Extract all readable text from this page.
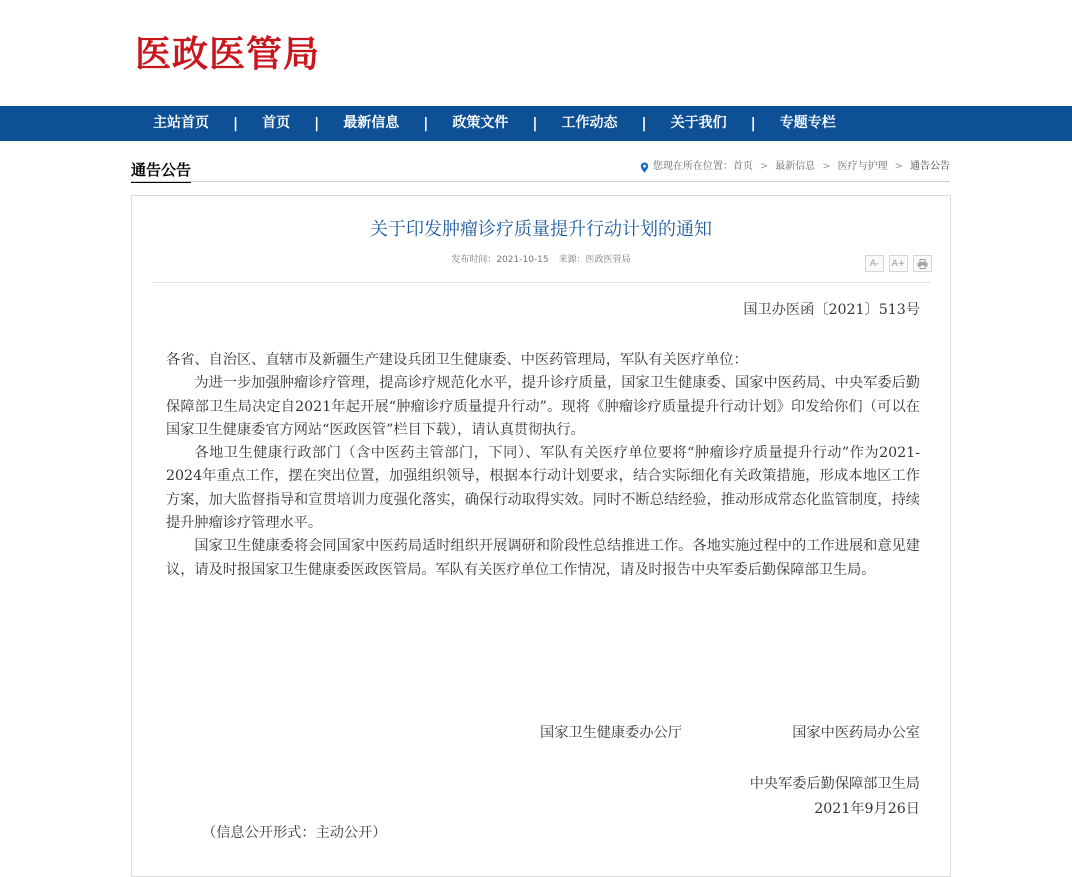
医政医管局
主站首页	|	首页	|	最新信息	|	政策文件	|	工作动态	|	关于我们	|	专题专栏
通告公告	您现在所在位置： 首页 > 最新信息 > 医疗与护理 > 通告公告
关于印发肿瘤诊疗质量提升行动计划的通知
发布时间：2021-10-15 来源：医政医管局	A- A+
国卫办医函〔2021〕513号

各省、自治区、直辖市及新疆生产建设兵团卫生健康委、中医药管理局，军队有关医疗单位：

为进一步加强肿瘤诊疗管理，提高诊疗规范化水平，提升诊疗质量，国家卫生健康委、国家中医药局、中央军委后勤保障部卫生局决定自2021年起开展“肿瘤诊疗质量提升行动”。现将《肿瘤诊疗质量提升行动计划》印发给你们（可以在国家卫生健康委官方网站“医政医管”栏目下载），请认真贯彻执行。

各地卫生健康行政部门（含中医药主管部门，下同）、军队有关医疗单位要将“肿瘤诊疗质量提升行动”作为2021-2024年重点工作，摆在突出位置，加强组织领导，根据本行动计划要求，结合实际细化有关政策措施，形成本地区工作方案，加大监督指导和宣贯培训力度强化落实，确保行动取得实效。同时不断总结经验，推动形成常态化监管制度，持续提升肿瘤诊疗管理水平。

国家卫生健康委将会同国家中医药局适时组织开展调研和阶段性总结推进工作。各地实施过程中的工作进展和意见建议，请及时报国家卫生健康委医政医管局。军队有关医疗单位工作情况，请及时报告中央军委后勤保障部卫生局。

国家卫生健康委办公厅	国家中医药局办公室
中央军委后勤保障部卫生局
2021年9月26日
（信息公开形式：主动公开）
